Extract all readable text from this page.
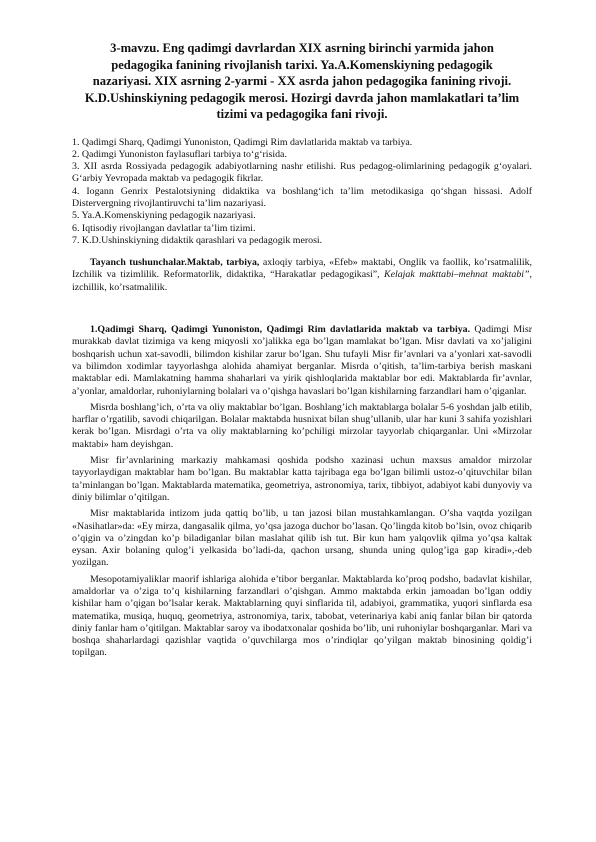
3-mavzu. Eng qadimgi davrlardan XIX asrning birinchi yarmida jahon pedagogika fanining rivojlanish tarixi. Ya.A.Komenskiyning pedagogik nazariyasi. XIX asrning 2-yarmi - XX asrda jahon pedagogika fanining rivoji. K.D.Ushinskiyning pedagogik merosi. Hozirgi davrda jahon mamlakatlari ta’lim tizimi va pedagogika fani rivoji.
1. Qadimgi Sharq, Qadimgi Yunoniston, Qadimgi Rim davlatlarida maktab va tarbiya.
2. Qadimgi Yunoniston faylasuflari tarbiya to‘g‘risida.
3. XII asrda Rossiyada pedagogik adabiyotlarning nashr etilishi. Rus pedagog-olimlarining pedagogik g‘oyalari. G‘arbiy Yevropada maktab va pedagogik fikrlar.
4. Iogann Genrix Pestalotsiyning didaktika va boshlang‘ich ta’lim metodikasiga qo‘shgan hissasi. Adolf Distervergning rivojlantiruvchi ta’lim nazariyasi.
5. Ya.A.Komenskiyning pedagogik nazariyasi.
6. Iqtisodiy rivojlangan davlatlar ta’lim tizimi.
7. K.D.Ushinskiyning didaktik qarashlari va pedagogik merosi.

Tayanch tushunchalar.Maktab, tarbiya, axloqiy tarbiya, «Efeb» maktabi, Onglik va faollik, ko’rsatmalilik, Izchilik va tizimlilik. Reformatorlik, didaktika, “Harakatlar pedagogikasi”, Kelajak makttabi–mehnat maktabi”, izchillik, ko’rsatmalilik.

1.Qadimgi Sharq, Qadimgi Yunoniston, Qadimgi Rim davlatlarida maktab va tarbiya. Qadimgi Misr murakkab davlat tizimiga va keng miqyosli xo’jalikka ega bo’lgan mamlakat bo’lgan. Misr davlati va xo’jaligini boshqarish uchun xat-savodli, bilimdon kishilar zarur bo’lgan. Shu tufayli Misr fir’avnlari va a’yonlari xat-savodli va bilimdon xodimlar tayyorlashga alohida ahamiyat berganlar. Misrda o’qitish, ta’lim-tarbiya berish maskani maktablar edi. Mamlakatning hamma shaharlari va yirik qishloqlarida maktablar bor edi. Maktablarda fir’avnlar, a’yonlar, amaldorlar, ruhoniylarning bolalari va o’qishga havaslari bo’lgan kishilarning farzandlari ham o’qiganlar.

Misrda boshlang’ich, o’rta va oliy maktablar bo’lgan. Boshlang’ich maktablarga bolalar 5-6 yoshdan jalb etilib, harflar o’rgatilib, savodi chiqarilgan. Bolalar maktabda husnixat bilan shug’ullanib, ular har kuni 3 sahifa yozishlari kerak bo’lgan. Misrdagi o’rta va oliy maktablarning ko’pchiligi mirzolar tayyorlab chiqarganlar. Uni «Mirzolar maktabi» ham deyishgan.

Misr fir’avnlarining markaziy mahkamasi qoshida podsho xazinasi uchun maxsus amaldor mirzolar tayyorlaydigan maktablar ham bo’lgan. Bu maktablar katta tajribaga ega bo’lgan bilimli ustoz-o’qituvchilar bilan ta’minlangan bo’lgan. Maktablarda matematika, geometriya, astronomiya, tarix, tibbiyot, adabiyot kabi dunyoviy va diniy bilimlar o’qitilgan.

Misr maktablarida intizom juda qattiq bo’lib, u tan jazosi bilan mustahkamlangan. O’sha vaqtda yozilgan «Nasihatlar»da: «Ey mirza, dangasalik qilma, yo’qsa jazoga duchor bo’lasan. Qo’lingda kitob bo’lsin, ovoz chiqarib o’qigin va o’zingdan ko’p biladiganlar bilan maslahat qilib ish tut. Bir kun ham yalqovlik qilma yo’qsa kaltak eysan. Axir bolaning qulog’i yelkasida bo’ladi-da, qachon ursang, shunda uning qulog’iga gap kiradi»,-deb yozilgan.

Mesopotamiyaliklar maorif ishlariga alohida e’tibor berganlar. Maktablarda ko’proq podsho, badavlat kishilar, amaldorlar va o’ziga to’q kishilarning farzandlari o’qishgan. Ammo maktabda erkin jamoadan bo’lgan oddiy kishilar ham o’qigan bo’lsalar kerak. Maktablarning quyi sinflarida til, adabiyoi, grammatika, yuqori sinflarda esa matematika, musiqa, huquq, geometriya, astronomiya, tarix, tabobat, veterinariya kabi aniq fanlar bilan bir qatorda diniy fanlar ham o’qitilgan. Maktablar saroy va ibodatxonalar qoshida bo’lib, uni ruhoniylar boshqarganlar. Mari va boshqa shaharlardagi qazishlar vaqtida o’quvchilarga mos o’rindiqlar qo’yilgan maktab binosining qoldig’i topilgan.
